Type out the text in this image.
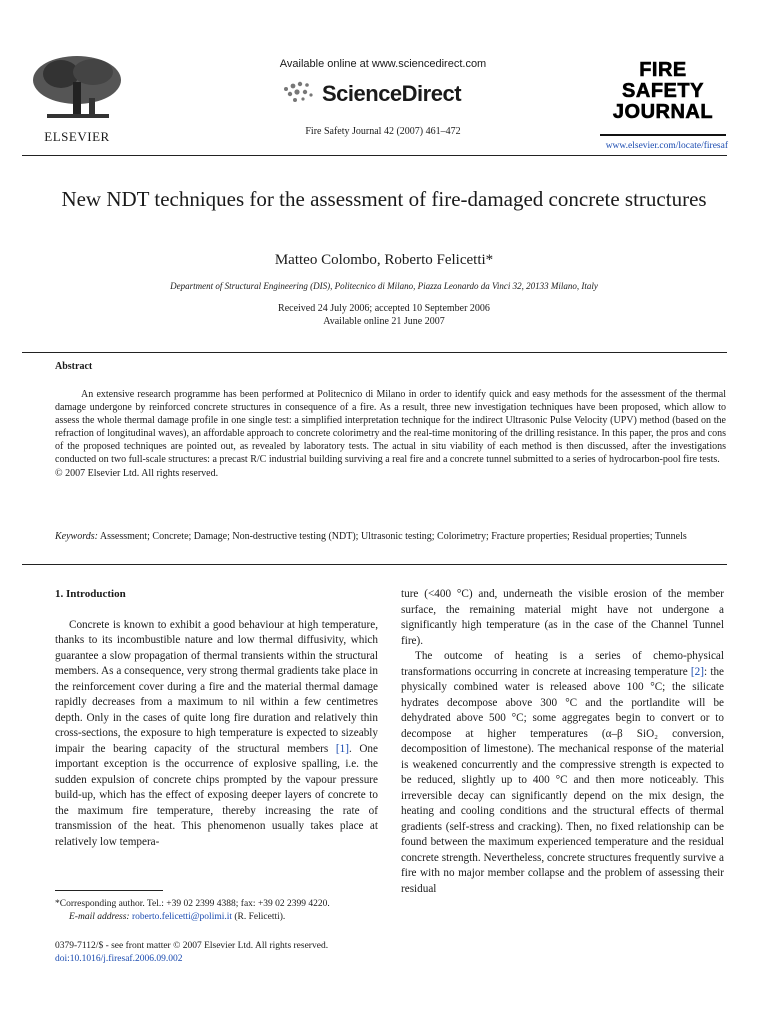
ELSEVIER
Available online at www.sciencedirect.com
ScienceDirect
Fire Safety Journal 42 (2007) 461–472
FIRE
SAFETY
JOURNAL
www.elsevier.com/locate/firesaf
New NDT techniques for the assessment of fire-damaged concrete structures
Matteo Colombo, Roberto Felicetti*
Department of Structural Engineering (DIS), Politecnico di Milano, Piazza Leonardo da Vinci 32, 20133 Milano, Italy
Received 24 July 2006; accepted 10 September 2006
Available online 21 June 2007
Abstract

An extensive research programme has been performed at Politecnico di Milano in order to identify quick and easy methods for the assessment of the thermal damage undergone by reinforced concrete structures in consequence of a fire. As a result, three new investigation techniques have been proposed, which allow to assess the whole thermal damage profile in one single test: a simplified interpretation technique for the indirect Ultrasonic Pulse Velocity (UPV) method (based on the refraction of longitudinal waves), an affordable approach to concrete colorimetry and the real-time monitoring of the drilling resistance. In this paper, the pros and cons of the proposed techniques are pointed out, as revealed by laboratory tests. The actual in situ viability of each method is then discussed, after the investigations conducted on two full-scale structures: a precast R/C industrial building surviving a real fire and a concrete tunnel submitted to a series of hydrocarbon-pool fire tests.

© 2007 Elsevier Ltd. All rights reserved.

Keywords: Assessment; Concrete; Damage; Non-destructive testing (NDT); Ultrasonic testing; Colorimetry; Fracture properties; Residual properties; Tunnels
1. Introduction

Concrete is known to exhibit a good behaviour at high temperature, thanks to its incombustible nature and low thermal diffusivity, which guarantee a slow propagation of thermal transients within the structural members. As a consequence, very strong thermal gradients take place in the reinforcement cover during a fire and the material thermal damage rapidly decreases from a maximum to nil within a few centimetres depth. Only in the cases of quite long fire duration and relatively thin cross-sections, the exposure to high temperature is expected to sizeably impair the bearing capacity of the structural members [1]. One important exception is the occurrence of explosive spalling, i.e. the sudden expulsion of concrete chips prompted by the vapour pressure build-up, which has the effect of exposing deeper layers of concrete to the maximum fire temperature, thereby increasing the rate of transmission of the heat. This phenomenon usually takes place at relatively low tempera-

ture (<400 °C) and, underneath the visible erosion of the member surface, the remaining material might have not undergone a significantly high temperature (as in the case of the Channel Tunnel fire).

The outcome of heating is a series of chemo-physical transformations occurring in concrete at increasing temperature [2]: the physically combined water is released above 100 °C; the silicate hydrates decompose above 300 °C and the portlandite will be dehydrated above 500 °C; some aggregates begin to convert or to decompose at higher temperatures (α–β SiO₂ conversion, decomposition of limestone). The mechanical response of the material is weakened concurrently and the compressive strength is expected to be reduced, slightly up to 400 °C and then more noticeably. This irreversible decay can significantly depend on the mix design, the heating and cooling conditions and the structural effects of thermal gradients (self-stress and cracking). Then, no fixed relationship can be found between the maximum experienced temperature and the residual concrete strength. Nevertheless, concrete structures frequently survive a fire with no major member collapse and the problem of assessing their residual

*Corresponding author. Tel.: +39 02 2399 4388; fax: +39 02 2399 4220.
E-mail address: roberto.felicetti@polimi.it (R. Felicetti).
0379-7112/$ - see front matter © 2007 Elsevier Ltd. All rights reserved.
doi:10.1016/j.firesaf.2006.09.002
